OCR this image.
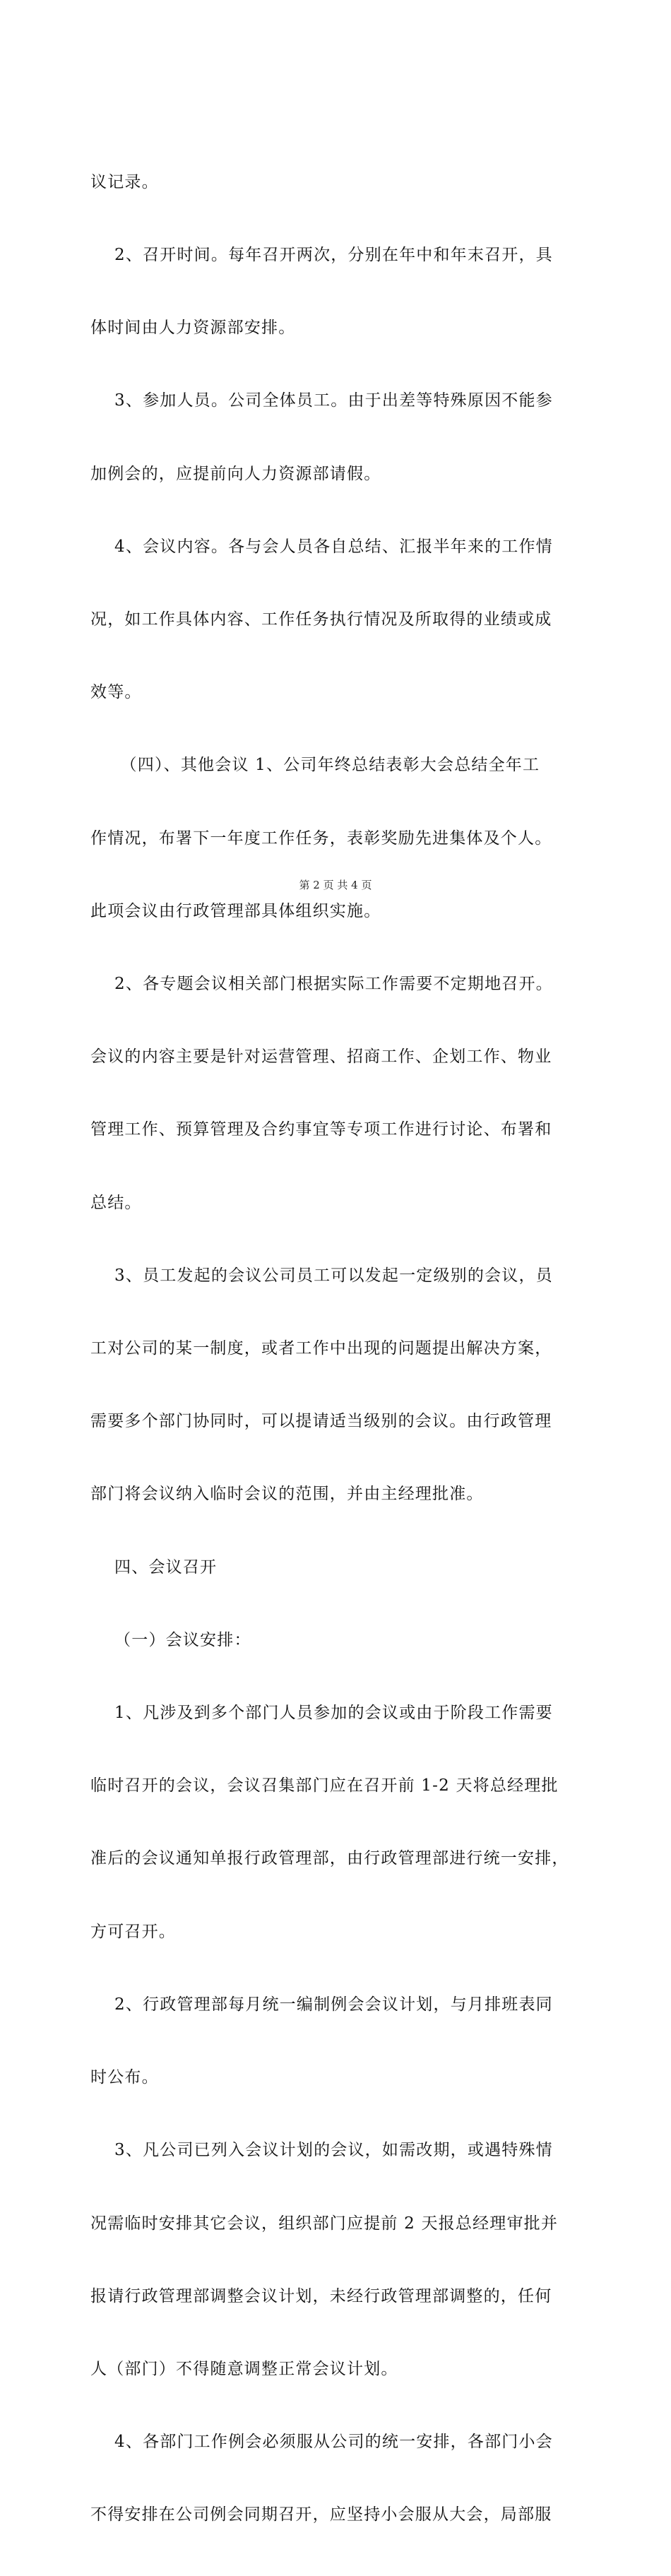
议记录。

2、召开时间。每年召开两次，分别在年中和年末召开，具

体时间由人力资源部安排。

3、参加人员。公司全体员工。由于出差等特殊原因不能参

加例会的，应提前向人力资源部请假。

4、会议内容。各与会人员各自总结、汇报半年来的工作情

况，如工作具体内容、工作任务执行情况及所取得的业绩或成

效等。

（四）、其他会议 1、公司年终总结表彰大会总结全年工

作情况，布署下一年度工作任务，表彰奖励先进集体及个人。

此项会议由行政管理部具体组织实施。

2、各专题会议相关部门根据实际工作需要不定期地召开。

会议的内容主要是针对运营管理、招商工作、企划工作、物业

管理工作、预算管理及合约事宜等专项工作进行讨论、布署和

总结。

3、员工发起的会议公司员工可以发起一定级别的会议，员

工对公司的某一制度，或者工作中出现的问题提出解决方案，

需要多个部门协同时，可以提请适当级别的会议。由行政管理

部门将会议纳入临时会议的范围，并由主经理批准。

四、会议召开

（一）会议安排：

1、凡涉及到多个部门人员参加的会议或由于阶段工作需要

临时召开的会议，会议召集部门应在召开前 1-2 天将总经理批

准后的会议通知单报行政管理部，由行政管理部进行统一安排，

方可召开。

2、行政管理部每月统一编制例会会议计划，与月排班表同

时公布。

3、凡公司已列入会议计划的会议，如需改期，或遇特殊情

况需临时安排其它会议，组织部门应提前 2 天报总经理审批并

报请行政管理部调整会议计划，未经行政管理部调整的，任何

人（部门）不得随意调整正常会议计划。

4、各部门工作例会必须服从公司的统一安排，各部门小会

不得安排在公司例会同期召开，应坚持小会服从大会，局部服

第 2 页 共 4 页
